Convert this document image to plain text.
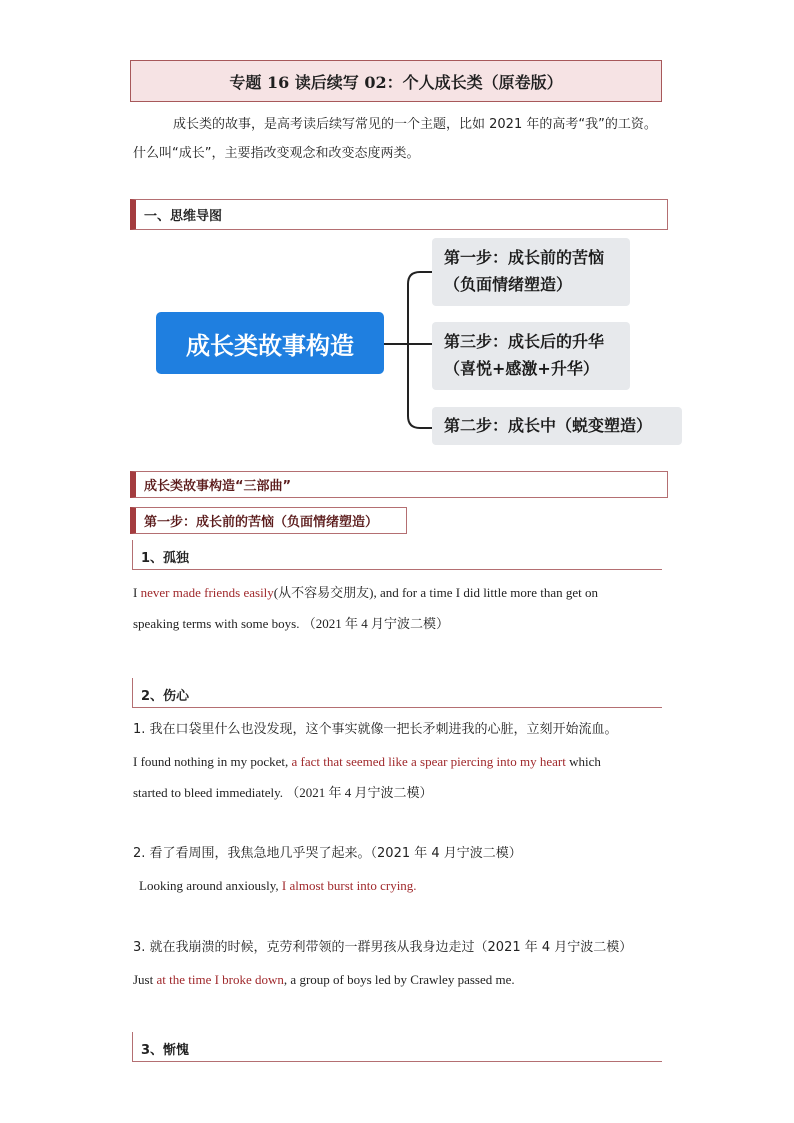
专题 16 读后续写 02：个人成长类（原卷版）
成长类的故事，是高考读后续写常见的一个主题，比如 2021 年的高考“我”的工资。什么叫“成长”，主要指改变观念和改变态度两类。
一、思维导图
成长类故事构造
第一步：成长前的苦恼
（负面情绪塑造）
第三步：成长后的升华
（喜悦+感激+升华）
第二步：成长中（蜕变塑造）
成长类故事构造“三部曲”
第一步：成长前的苦恼（负面情绪塑造）
1、孤独
I never made friends easily(从不容易交朋友), and for a time I did little more than get on
speaking terms with some boys. （2021 年 4 月宁波二模）
2、伤心
1. 我在口袋里什么也没发现，这个事实就像一把长矛刺进我的心脏，立刻开始流血。
I found nothing in my pocket, a fact that seemed like a spear piercing into my heart which
started to bleed immediately. （2021 年 4 月宁波二模）
2. 看了看周围，我焦急地几乎哭了起来。（2021 年 4 月宁波二模）
Looking around anxiously, I almost burst into crying.
3. 就在我崩溃的时候，克劳利带领的一群男孩从我身边走过（2021 年 4 月宁波二模）
Just at the time I broke down, a group of boys led by Crawley passed me.
3、惭愧
